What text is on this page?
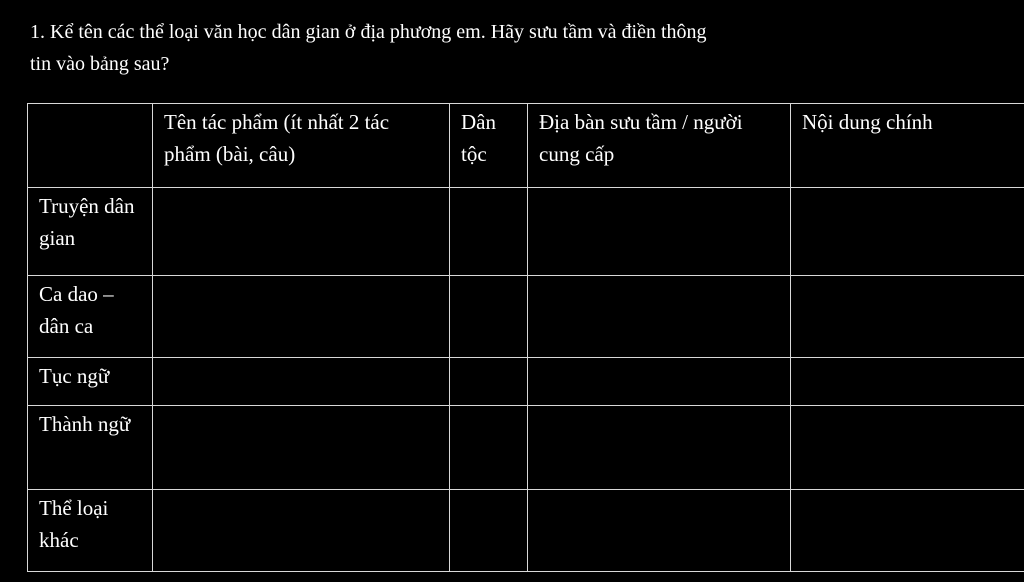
1. Kể tên các thể loại văn học dân gian ở địa phương em. Hãy sưu tầm và điền thông
tin vào bảng sau?
	Tên tác phẩm (ít nhất 2 tác phẩm (bài, câu)	Dân tộc	Địa bàn sưu tầm / người cung cấp	Nội dung chính
Truyện dân gian				
Ca dao – dân ca				
Tục ngữ				
Thành ngữ				
Thể loại khác				
